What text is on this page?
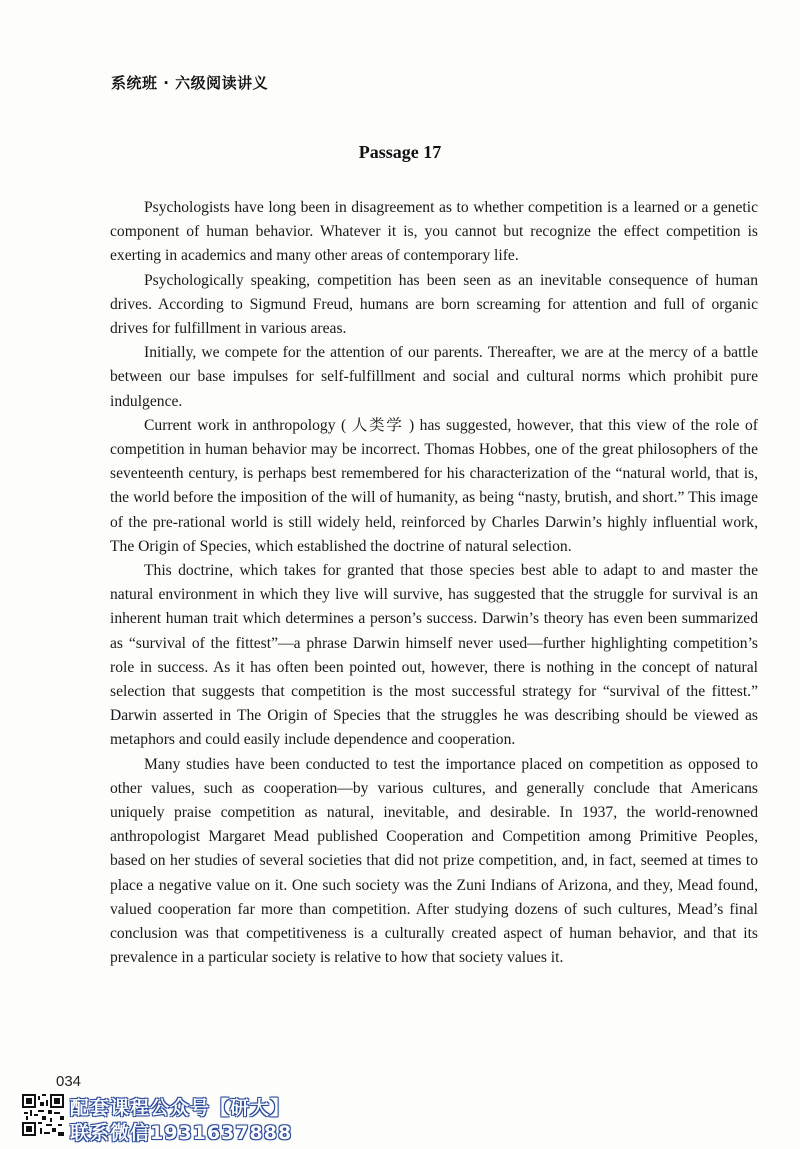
系统班 · 六级阅读讲义
Passage 17

Psychologists have long been in disagreement as to whether competition is a learned or a genetic component of human behavior. Whatever it is, you cannot but recognize the effect competition is exerting in academics and many other areas of contemporary life.

Psychologically speaking, competition has been seen as an inevitable consequence of human drives. According to Sigmund Freud, humans are born screaming for attention and full of organic drives for fulfillment in various areas.

Initially, we compete for the attention of our parents. Thereafter, we are at the mercy of a battle between our base impulses for self-fulfillment and social and cultural norms which prohibit pure indulgence.

Current work in anthropology ( 人类学 ) has suggested, however, that this view of the role of competition in human behavior may be incorrect. Thomas Hobbes, one of the great philosophers of the seventeenth century, is perhaps best remembered for his characterization of the “natural world, that is, the world before the imposition of the will of humanity, as being “nasty, brutish, and short.” This image of the pre-rational world is still widely held, reinforced by Charles Darwin’s highly influential work, The Origin of Species, which established the doctrine of natural selection.

This doctrine, which takes for granted that those species best able to adapt to and master the natural environment in which they live will survive, has suggested that the struggle for survival is an inherent human trait which determines a person’s success. Darwin’s theory has even been summarized as “survival of the fittest”—a phrase Darwin himself never used—further highlighting competition’s role in success. As it has often been pointed out, however, there is nothing in the concept of natural selection that suggests that competition is the most successful strategy for “survival of the fittest.” Darwin asserted in The Origin of Species that the struggles he was describing should be viewed as metaphors and could easily include dependence and cooperation.

Many studies have been conducted to test the importance placed on competition as opposed to other values, such as cooperation—by various cultures, and generally conclude that Americans uniquely praise competition as natural, inevitable, and desirable. In 1937, the world-renowned anthropologist Margaret Mead published Cooperation and Competition among Primitive Peoples, based on her studies of several societies that did not prize competition, and, in fact, seemed at times to place a negative value on it. One such society was the Zuni Indians of Arizona, and they, Mead found, valued cooperation far more than competition. After studying dozens of such cultures, Mead’s final conclusion was that competitiveness is a culturally created aspect of human behavior, and that its prevalence in a particular society is relative to how that society values it.

034
配套课程公众号【研大】
联系微信1931637888
